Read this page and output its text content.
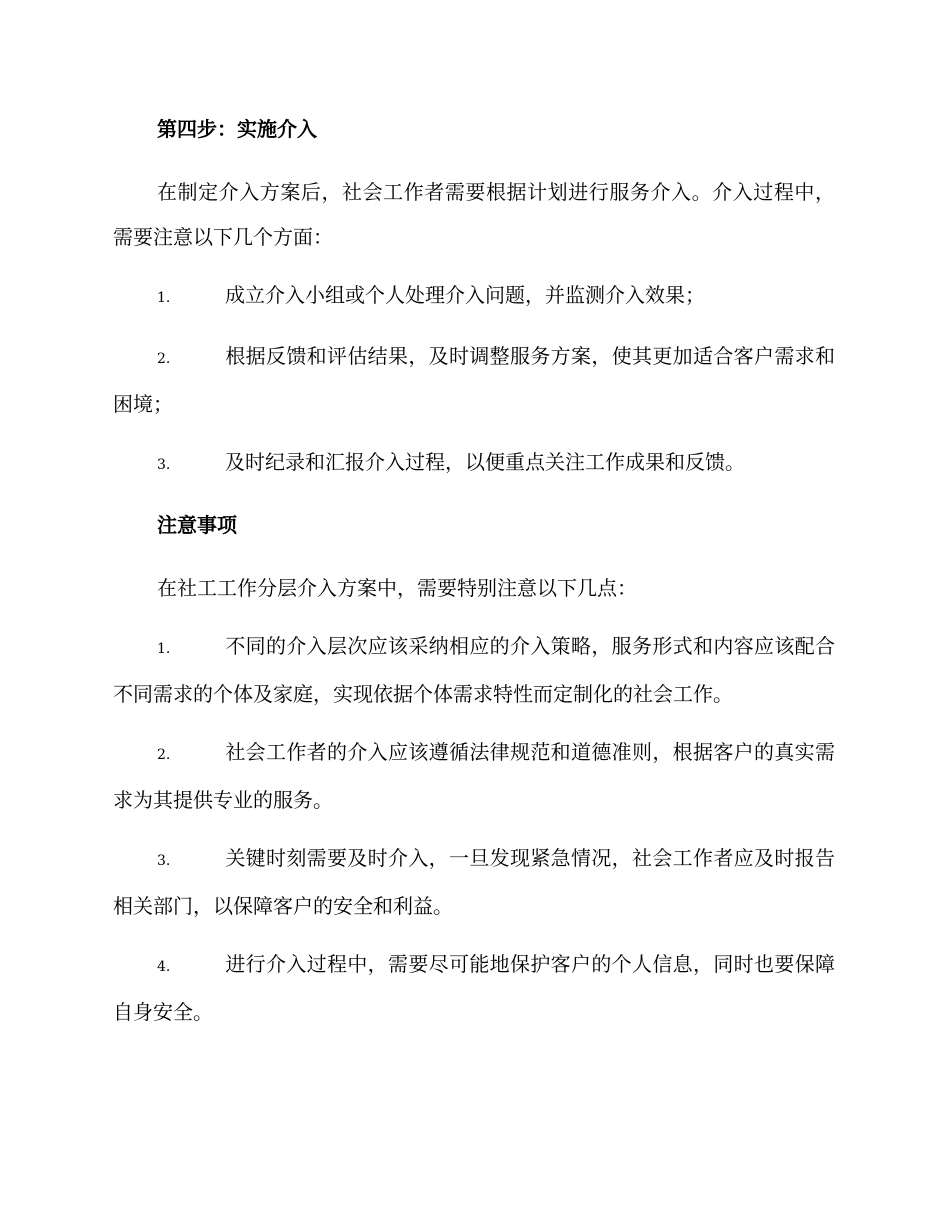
第四步：实施介入

在制定介入方案后，社会工作者需要根据计划进行服务介入。介入过程中，需要注意以下几个方面：

1.	成立介入小组或个人处理介入问题，并监测介入效果；

2.	根据反馈和评估结果，及时调整服务方案，使其更加适合客户需求和困境；

3.	及时纪录和汇报介入过程，以便重点关注工作成果和反馈。

注意事项

在社工工作分层介入方案中，需要特别注意以下几点：

1.	不同的介入层次应该采纳相应的介入策略，服务形式和内容应该配合不同需求的个体及家庭，实现依据个体需求特性而定制化的社会工作。

2.	社会工作者的介入应该遵循法律规范和道德准则，根据客户的真实需求为其提供专业的服务。

3.	关键时刻需要及时介入，一旦发现紧急情况，社会工作者应及时报告相关部门，以保障客户的安全和利益。

4.	进行介入过程中，需要尽可能地保护客户的个人信息，同时也要保障自身安全。
